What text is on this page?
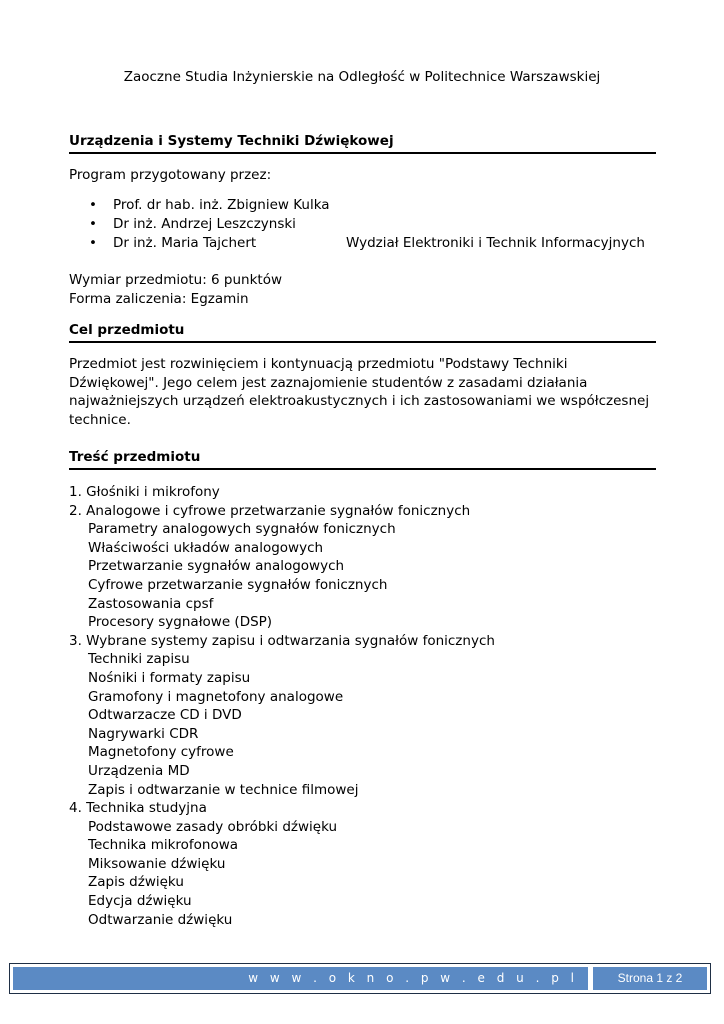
Zaoczne Studia Inżynierskie na Odległość w Politechnice Warszawskiej
Urządzenia i Systemy Techniki Dźwiękowej
Program przygotowany przez:
• Prof. dr hab. inż. Zbigniew Kulka
• Dr inż. Andrzej Leszczynski
• Dr inż. Maria Tajchert	Wydział Elektroniki i Technik Informacyjnych
Wymiar przedmiotu: 6 punktów
Forma zaliczenia: Egzamin
Cel przedmiotu
Przedmiot jest rozwinięciem i kontynuacją przedmiotu "Podstawy Techniki Dźwiękowej". Jego celem jest zaznajomienie studentów z zasadami działania najważniejszych urządzeń elektroakustycznych i ich zastosowaniami we współczesnej technice.
Treść przedmiotu
1. Głośniki i mikrofony
2. Analogowe i cyfrowe przetwarzanie sygnałów fonicznych
Parametry analogowych sygnałów fonicznych
Właściwości układów analogowych
Przetwarzanie sygnałów analogowych
Cyfrowe przetwarzanie sygnałów fonicznych
Zastosowania cpsf
Procesory sygnałowe (DSP)
3. Wybrane systemy zapisu i odtwarzania sygnałów fonicznych
Techniki zapisu
Nośniki i formaty zapisu
Gramofony i magnetofony analogowe
Odtwarzacze CD i DVD
Nagrywarki CDR
Magnetofony cyfrowe
Urządzenia MD
Zapis i odtwarzanie w technice filmowej
4. Technika studyjna
Podstawowe zasady obróbki dźwięku
Technika mikrofonowa
Miksowanie dźwięku
Zapis dźwięku
Edycja dźwięku
Odtwarzanie dźwięku
w w w . o k n o . p w . e d u . p l	Strona 1 z 2
